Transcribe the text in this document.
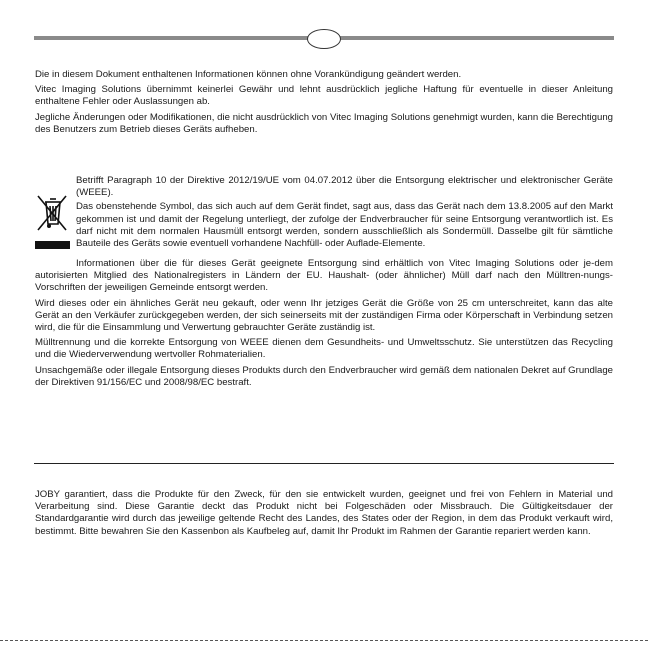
Die in diesem Dokument enthaltenen Informationen können ohne Vorankündigung geändert werden.

Vitec Imaging Solutions übernimmt keinerlei Gewähr und lehnt ausdrücklich jegliche Haftung für eventuelle in dieser Anleitung enthaltene Fehler oder Auslassungen ab.

Jegliche Änderungen oder Modifikationen, die nicht ausdrücklich von Vitec Imaging Solutions genehmigt wurden, kann die Berechtigung des Benutzers zum Betrieb dieses Geräts aufheben.

Betrifft Paragraph 10 der Direktive 2012/19/UE vom 04.07.2012 über die Entsorgung elektrischer und elektronischer Geräte (WEEE).

Das obenstehende Symbol, das sich auch auf dem Gerät findet, sagt aus, dass das Gerät nach dem 13.8.2005 auf den Markt gekommen ist und damit der Regelung unterliegt, der zufolge der Endverbraucher für seine Entsorgung verantwortlich ist. Es darf nicht mit dem normalen Hausmüll entsorgt werden, sondern ausschließlich als Sondermüll. Dasselbe gilt für sämtliche Bauteile des Geräts sowie eventuell vorhandene Nachfüll- oder Auflade-Elemente.

Informationen über die für dieses Gerät geeignete Entsorgung sind erhältlich von Vitec Imaging Solutions oder je-dem autorisierten Mitglied des Nationalregisters in Ländern der EU. Haushalt- (oder ähnlicher) Müll darf nach den Mülltren-nungs-Vorschriften der jeweiligen Gemeinde entsorgt werden.

Wird dieses oder ein ähnliches Gerät neu gekauft, oder wenn Ihr jetziges Gerät die Größe von 25 cm unterschreitet, kann das alte Gerät an den Verkäufer zurückgegeben werden, der sich seinerseits mit der zuständigen Firma oder Körperschaft in Verbindung setzen wird, die für die Einsammlung und Verwertung gebrauchter Geräte zuständig ist.

Mülltrennung und die korrekte Entsorgung von WEEE dienen dem Gesundheits- und Umweltsschutz. Sie unterstützen das Recycling und die Wiederverwendung wertvoller Rohmaterialien.

Unsachgemäße oder illegale Entsorgung dieses Produkts durch den Endverbraucher wird gemäß dem nationalen Dekret auf Grundlage der Direktiven 91/156/EC und 2008/98/EC bestraft.

JOBY garantiert, dass die Produkte für den Zweck, für den sie entwickelt wurden, geeignet und frei von Fehlern in Material und Verarbeitung sind. Diese Garantie deckt das Produkt nicht bei Folgeschäden oder Missbrauch. Die Gültigkeitsdauer der Standardgarantie wird durch das jeweilige geltende Recht des Landes, des States oder der Region, in dem das Produkt verkauft wird, bestimmt. Bitte bewahren Sie den Kassenbon als Kaufbeleg auf, damit Ihr Produkt im Rahmen der Garantie repariert werden kann.
